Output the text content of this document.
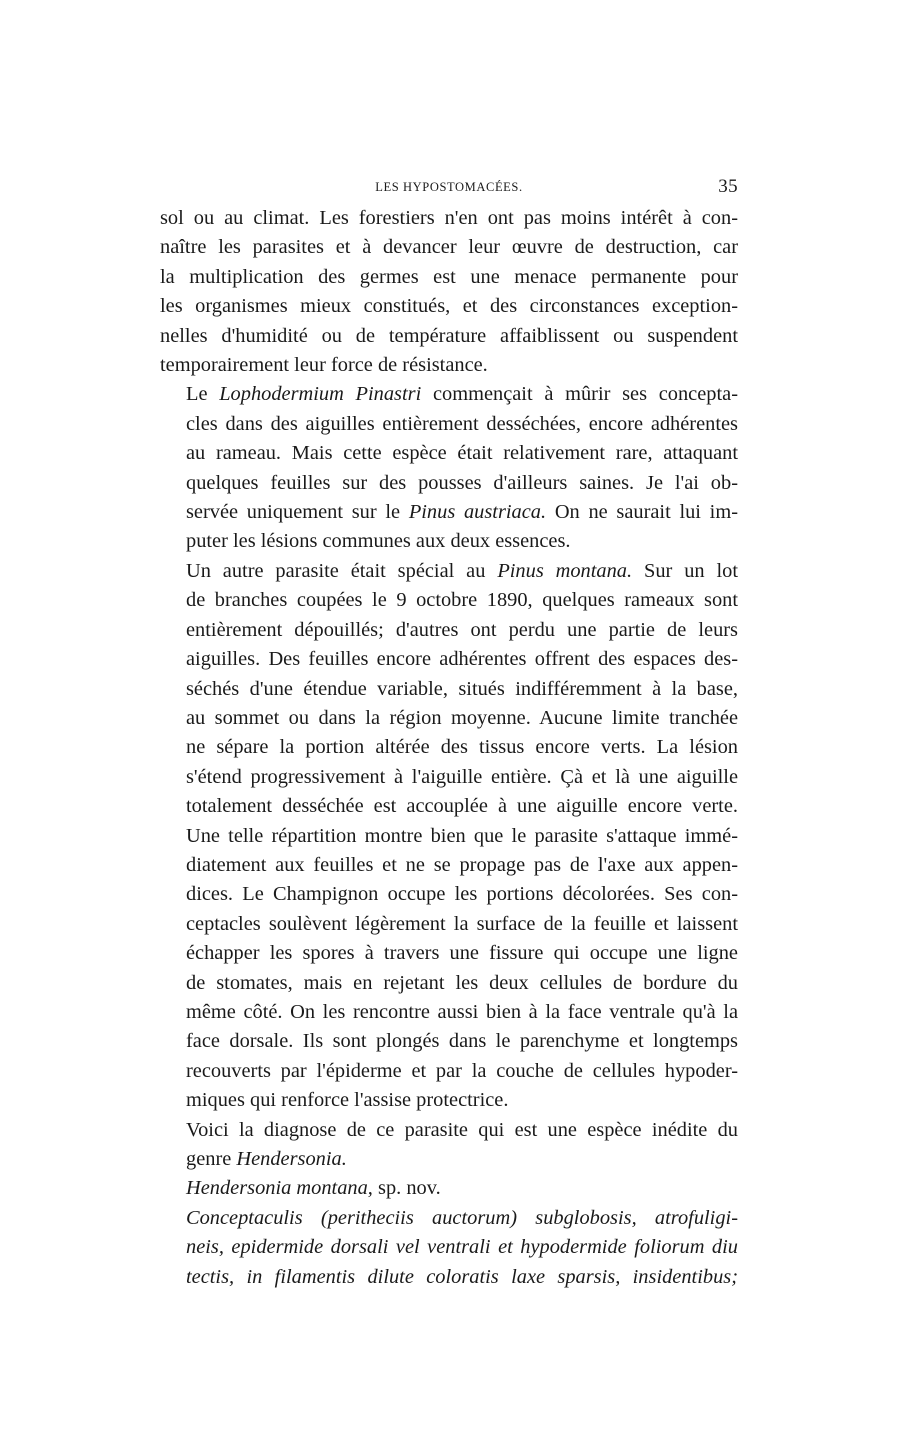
LES HYPOSTOMACÉES.	35

sol ou au climat. Les forestiers n'en ont pas moins intérêt à con-
naître les parasites et à devancer leur œuvre de destruction, car
la multiplication des germes est une menace permanente pour
les organismes mieux constitués, et des circonstances exception-
nelles d'humidité ou de température affaiblissent ou suspendent
temporairement leur force de résistance.

Le Lophodermium Pinastri commençait à mûrir ses concepta-
cles dans des aiguilles entièrement desséchées, encore adhérentes
au rameau. Mais cette espèce était relativement rare, attaquant
quelques feuilles sur des pousses d'ailleurs saines. Je l'ai ob-
servée uniquement sur le Pinus austriaca. On ne saurait lui im-
puter les lésions communes aux deux essences.

Un autre parasite était spécial au Pinus montana. Sur un lot
de branches coupées le 9 octobre 1890, quelques rameaux sont
entièrement dépouillés; d'autres ont perdu une partie de leurs
aiguilles. Des feuilles encore adhérentes offrent des espaces des-
séchés d'une étendue variable, situés indifféremment à la base,
au sommet ou dans la région moyenne. Aucune limite tranchée
ne sépare la portion altérée des tissus encore verts. La lésion
s'étend progressivement à l'aiguille entière. Çà et là une aiguille
totalement desséchée est accouplée à une aiguille encore verte.
Une telle répartition montre bien que le parasite s'attaque immé-
diatement aux feuilles et ne se propage pas de l'axe aux appen-
dices. Le Champignon occupe les portions décolorées. Ses con-
ceptacles soulèvent légèrement la surface de la feuille et laissent
échapper les spores à travers une fissure qui occupe une ligne
de stomates, mais en rejetant les deux cellules de bordure du
même côté. On les rencontre aussi bien à la face ventrale qu'à la
face dorsale. Ils sont plongés dans le parenchyme et longtemps
recouverts par l'épiderme et par la couche de cellules hypoder-
miques qui renforce l'assise protectrice.

Voici la diagnose de ce parasite qui est une espèce inédite du
genre Hendersonia.

Hendersonia montana, sp. nov.

Conceptaculis (peritheciis auctorum) subglobosis, atrofuligi-
neis, epidermide dorsali vel ventrali et hypodermide foliorum diu
tectis, in filamentis dilute coloratis laxe sparsis, insidentibus;
